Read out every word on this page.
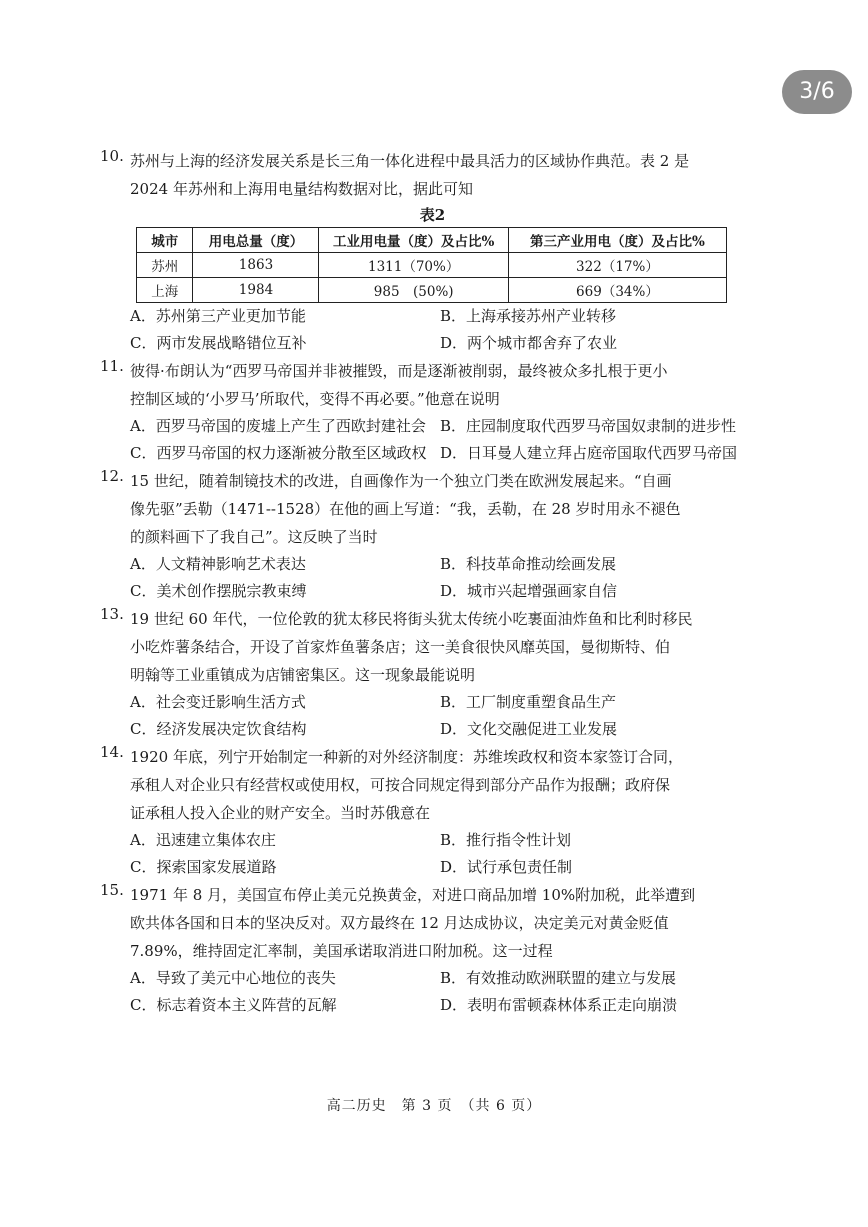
3/6
10. 苏州与上海的经济发展关系是长三角一体化进程中最具活力的区域协作典范。表 2 是
2024 年苏州和上海用电量结构数据对比，据此可知
表2
城市	用电总量（度）	工业用电量（度）及占比%	第三产业用电（度）及占比%
苏州	1863	1311（70%）	322（17%）
上海	1984	985　(50%)	669（34%）
A．苏州第三产业更加节能	B．上海承接苏州产业转移
C．两市发展战略错位互补	D．两个城市都舍弃了农业
11. 彼得·布朗认为“西罗马帝国并非被摧毁，而是逐渐被削弱，最终被众多扎根于更小
控制区域的‘小罗马’所取代，变得不再必要。”他意在说明
A．西罗马帝国的废墟上产生了西欧封建社会 B．庄园制度取代西罗马帝国奴隶制的进步性
C．西罗马帝国的权力逐渐被分散至区域政权 D．日耳曼人建立拜占庭帝国取代西罗马帝国
12. 15 世纪，随着制镜技术的改进，自画像作为一个独立门类在欧洲发展起来。“自画
像先驱”丢勒（1471--1528）在他的画上写道：“我，丢勒，在 28 岁时用永不褪色
的颜料画下了我自己”。这反映了当时
A．人文精神影响艺术表达	B．科技革命推动绘画发展
C．美术创作摆脱宗教束缚	D．城市兴起增强画家自信
13. 19 世纪 60 年代，一位伦敦的犹太移民将街头犹太传统小吃裹面油炸鱼和比利时移民
小吃炸薯条结合，开设了首家炸鱼薯条店；这一美食很快风靡英国，曼彻斯特、伯
明翰等工业重镇成为店铺密集区。这一现象最能说明
A．社会变迁影响生活方式	B．工厂制度重塑食品生产
C．经济发展决定饮食结构	D．文化交融促进工业发展
14. 1920 年底，列宁开始制定一种新的对外经济制度：苏维埃政权和资本家签订合同，
承租人对企业只有经营权或使用权，可按合同规定得到部分产品作为报酬；政府保
证承租人投入企业的财产安全。当时苏俄意在
A．迅速建立集体农庄	B．推行指令性计划
C．探索国家发展道路	D．试行承包责任制
15. 1971 年 8 月，美国宣布停止美元兑换黄金，对进口商品加增 10%附加税，此举遭到
欧共体各国和日本的坚决反对。双方最终在 12 月达成协议，决定美元对黄金贬值
7.89%，维持固定汇率制，美国承诺取消进口附加税。这一过程
A．导致了美元中心地位的丧失	B．有效推动欧洲联盟的建立与发展
C．标志着资本主义阵营的瓦解	D．表明布雷顿森林体系正走向崩溃
高二历史　第 3 页　（共 6 页）
